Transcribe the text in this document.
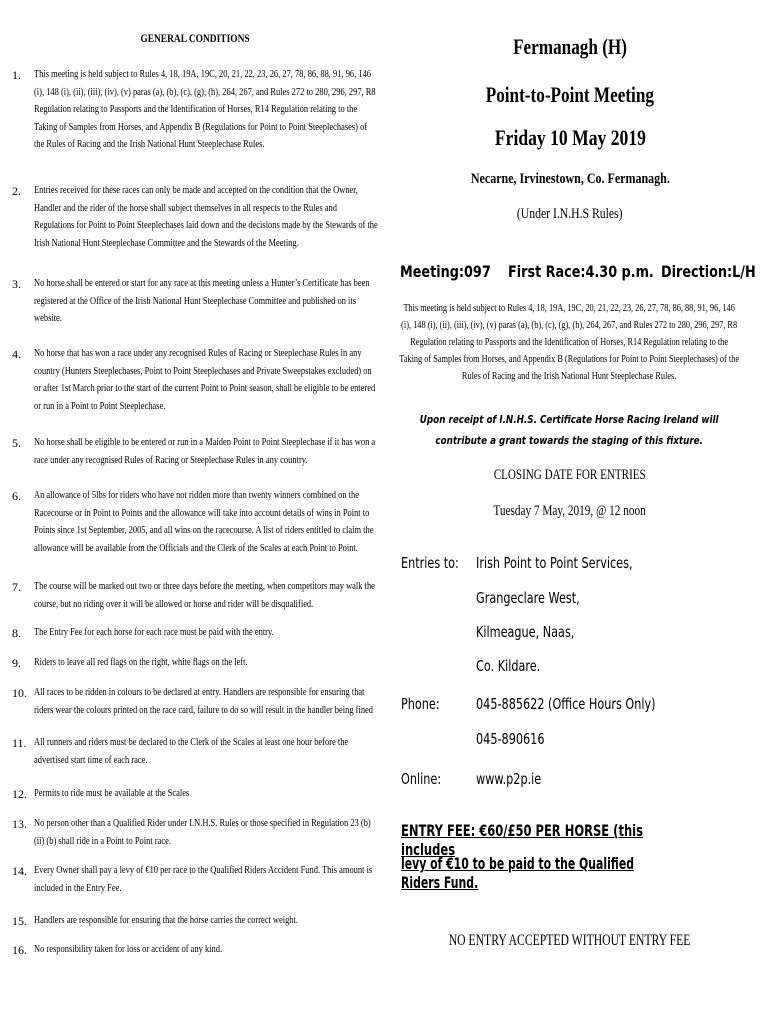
GENERAL CONDITIONS
1. This meeting is held subject to Rules 4, 18, 19A, 19C, 20, 21, 22, 23, 26, 27, 78, 86, 88, 91, 96, 146 (i), 148 (i), (ii), (iii), (iv), (v) paras (a), (b), (c), (g), (h), 264, 267, and Rules 272 to 280, 296, 297, R8 Regulation relating to Passports and the Identification of Horses, R14 Regulation relating to the Taking of Samples from Horses, and Appendix B (Regulations for Point to Point Steeplechases) of the Rules of Racing and the Irish National Hunt Steeplechase Rules.
2. Entries received for these races can only be made and accepted on the condition that the Owner, Handler and the rider of the horse shall subject themselves in all respects to the Rules and Regulations for Point to Point Steeplechases laid down and the decisions made by the Stewards of the Irish National Hunt Steeplechase Committee and the Stewards of the Meeting.
3. No horse shall be entered or start for any race at this meeting unless a Hunter’s Certificate has been registered at the Office of the Irish National Hunt Steeplechase Committee and published on its website.
4. No horse that has won a race under any recognised Rules of Racing or Steeplechase Rules in any country (Hunters Steeplechases, Point to Point Steeplechases and Private Sweepstakes excluded) on or after 1st March prior to the start of the current Point to Point season, shall be eligible to be entered or run in a Point to Point Steeplechase.
5. No horse shall be eligible to be entered or run in a Maiden Point to Point Steeplechase if it has won a race under any recognised Rules of Racing or Steeplechase Rules in any country.
6. An allowance of 5lbs for riders who have not ridden more than twenty winners combined on the Racecourse or in Point to Points and the allowance will take into account details of wins in Point to Points since 1st September, 2005, and all wins on the racecourse. A list of riders entitled to claim the allowance will be available from the Officials and the Clerk of the Scales at each Point to Point.
7. The course will be marked out two or three days before the meeting, when competitors may walk the course, but no riding over it will be allowed or horse and rider will be disqualified.
8. The Entry Fee for each horse for each race must be paid with the entry.
9. Riders to leave all red flags on the right, white flags on the left.
10. All races to be ridden in colours to be declared at entry. Handlers are responsible for ensuring that riders wear the colours printed on the race card, failure to do so will result in the handler being fined
11. All runners and riders must be declared to the Clerk of the Scales at least one hour before the advertised start time of each race.
12. Permits to ride must be available at the Scales
13. No person other than a Qualified Rider under I.N.H.S. Rules or those specified in Regulation 23 (b) (ii) (b) shall ride in a Point to Point race.
14. Every Owner shall pay a levy of €10 per race to the Qualified Riders Accident Fund. This amount is included in the Entry Fee.
15. Handlers are responsible for ensuring that the horse carries the correct weight.
16. No responsibility taken for loss or accident of any kind.
Fermanagh (H)
Point-to-Point Meeting
Friday 10 May 2019
Necarne, Irvinestown, Co. Fermanagh.
(Under I.N.H.S Rules)
Meeting:097	First Race:4.30 p.m. Direction:L/H
This meeting is held subject to Rules 4, 18, 19A, 19C, 20, 21, 22, 23, 26, 27, 78, 86, 88, 91, 96, 146 (i), 148 (i), (ii), (iii), (iv), (v) paras (a), (b), (c), (g), (h), 264, 267, and Rules 272 to 280, 296, 297, R8 Regulation relating to Passports and the Identification of Horses, R14 Regulation relating to the Taking of Samples from Horses, and Appendix B (Regulations for Point to Point Steeplechases) of the Rules of Racing and the Irish National Hunt Steeplechase Rules.
Upon receipt of I.N.H.S. Certificate Horse Racing Ireland will contribute a grant towards the staging of this fixture.
CLOSING DATE FOR ENTRIES
Tuesday 7 May, 2019, @ 12 noon
Entries to:	Irish Point to Point Services,
Grangeclare West,
Kilmeague, Naas,
Co. Kildare.
Phone:	045-885622 (Office Hours Only)
045-890616
Online:	www.p2p.ie
ENTRY FEE: €60/£50 PER HORSE (this includes
levy of €10 to be paid to the Qualified Riders Fund.
NO ENTRY ACCEPTED WITHOUT ENTRY FEE
